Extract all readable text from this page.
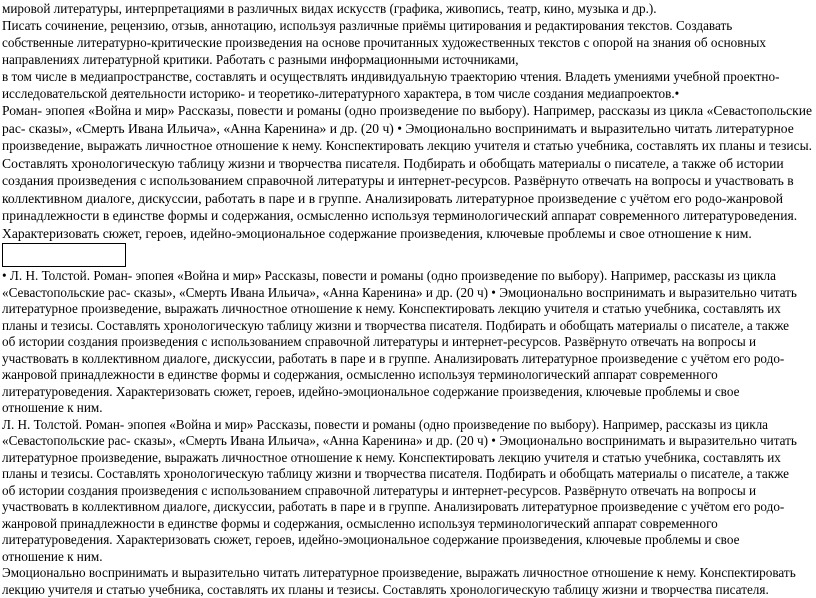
мировой литературы, интерпретациями в различных видах искусств (графика, живопись, театр, кино, музыка и др.).
Писать сочинение, рецензию, отзыв, аннотацию, используя различные приёмы цитирования и редактирования текстов. Создавать
собственные литературно-критические произведения на основе прочитанных художественных текстов с опорой на знания об основных
направлениях литературной критики. Работать с разными информационными источниками,
в том числе в медиапространстве, составлять и осуществлять индивидуальную траекторию чтения. Владеть умениями учебной проектно-
исследовательской деятельности историко- и теоретико-литературного характера, в том числе создания медиапроектов.•
Роман- эпопея «Война и мир» Рассказы, повести и романы (одно произведение по выбору). Например, рассказы из цикла «Севастопольские
рас- сказы», «Смерть Ивана Ильича», «Анна Каренина» и др. (20 ч) • Эмоционально воспринимать и выразительно читать литературное
произведение, выражать личностное отношение к нему. Конспектировать лекцию учителя и статью учебника, составлять их планы и тезисы.
Составлять хронологическую таблицу жизни и творчества писателя. Подбирать и обобщать материалы о писателе, а также об истории
создания произведения с использованием справочной литературы и интернет-ресурсов. Развёрнуто отвечать на вопросы и участвовать в
коллективном диалоге, дискуссии, работать в паре и в группе. Анализировать литературное произведение с учётом его родо-жанровой
принадлежности в единстве формы и содержания, осмысленно используя терминологический аппарат современного литературоведения.
Характеризовать сюжет, героев, идейно-эмоциональное содержание произведения, ключевые проблемы и свое отношение к ним.
• Л. Н. Толстой. Роман- эпопея «Война и мир» Рассказы, повести и романы (одно произведение по выбору). Например, рассказы из цикла
«Севастопольские рас- сказы», «Смерть Ивана Ильича», «Анна Каренина» и др. (20 ч) • Эмоционально воспринимать и выразительно читать
литературное произведение, выражать личностное отношение к нему. Конспектировать лекцию учителя и статью учебника, составлять их
планы и тезисы. Составлять хронологическую таблицу жизни и творчества писателя. Подбирать и обобщать материалы о писателе, а также
об истории создания произведения с использованием справочной литературы и интернет-ресурсов. Развёрнуто отвечать на вопросы и
участвовать в коллективном диалоге, дискуссии, работать в паре и в группе. Анализировать литературное произведение с учётом его родо-
жанровой принадлежности в единстве формы и содержания, осмысленно используя терминологический аппарат современного
литературоведения. Характеризовать сюжет, героев, идейно-эмоциональное содержание произведения, ключевые проблемы и свое
отношение к ним.
Л. Н. Толстой. Роман- эпопея «Война и мир» Рассказы, повести и романы (одно произведение по выбору). Например, рассказы из цикла
«Севастопольские рас- сказы», «Смерть Ивана Ильича», «Анна Каренина» и др. (20 ч) • Эмоционально воспринимать и выразительно читать
литературное произведение, выражать личностное отношение к нему. Конспектировать лекцию учителя и статью учебника, составлять их
планы и тезисы. Составлять хронологическую таблицу жизни и творчества писателя. Подбирать и обобщать материалы о писателе, а также
об истории создания произведения с использованием справочной литературы и интернет-ресурсов. Развёрнуто отвечать на вопросы и
участвовать в коллективном диалоге, дискуссии, работать в паре и в группе. Анализировать литературное произведение с учётом его родо-
жанровой принадлежности в единстве формы и содержания, осмысленно используя терминологический аппарат современного
литературоведения. Характеризовать сюжет, героев, идейно-эмоциональное содержание произведения, ключевые проблемы и свое
отношение к ним.
Эмоционально воспринимать и выразительно читать литературное произведение, выражать личностное отношение к нему. Конспектировать
лекцию учителя и статью учебника, составлять их планы и тезисы. Составлять хронологическую таблицу жизни и творчества писателя.
